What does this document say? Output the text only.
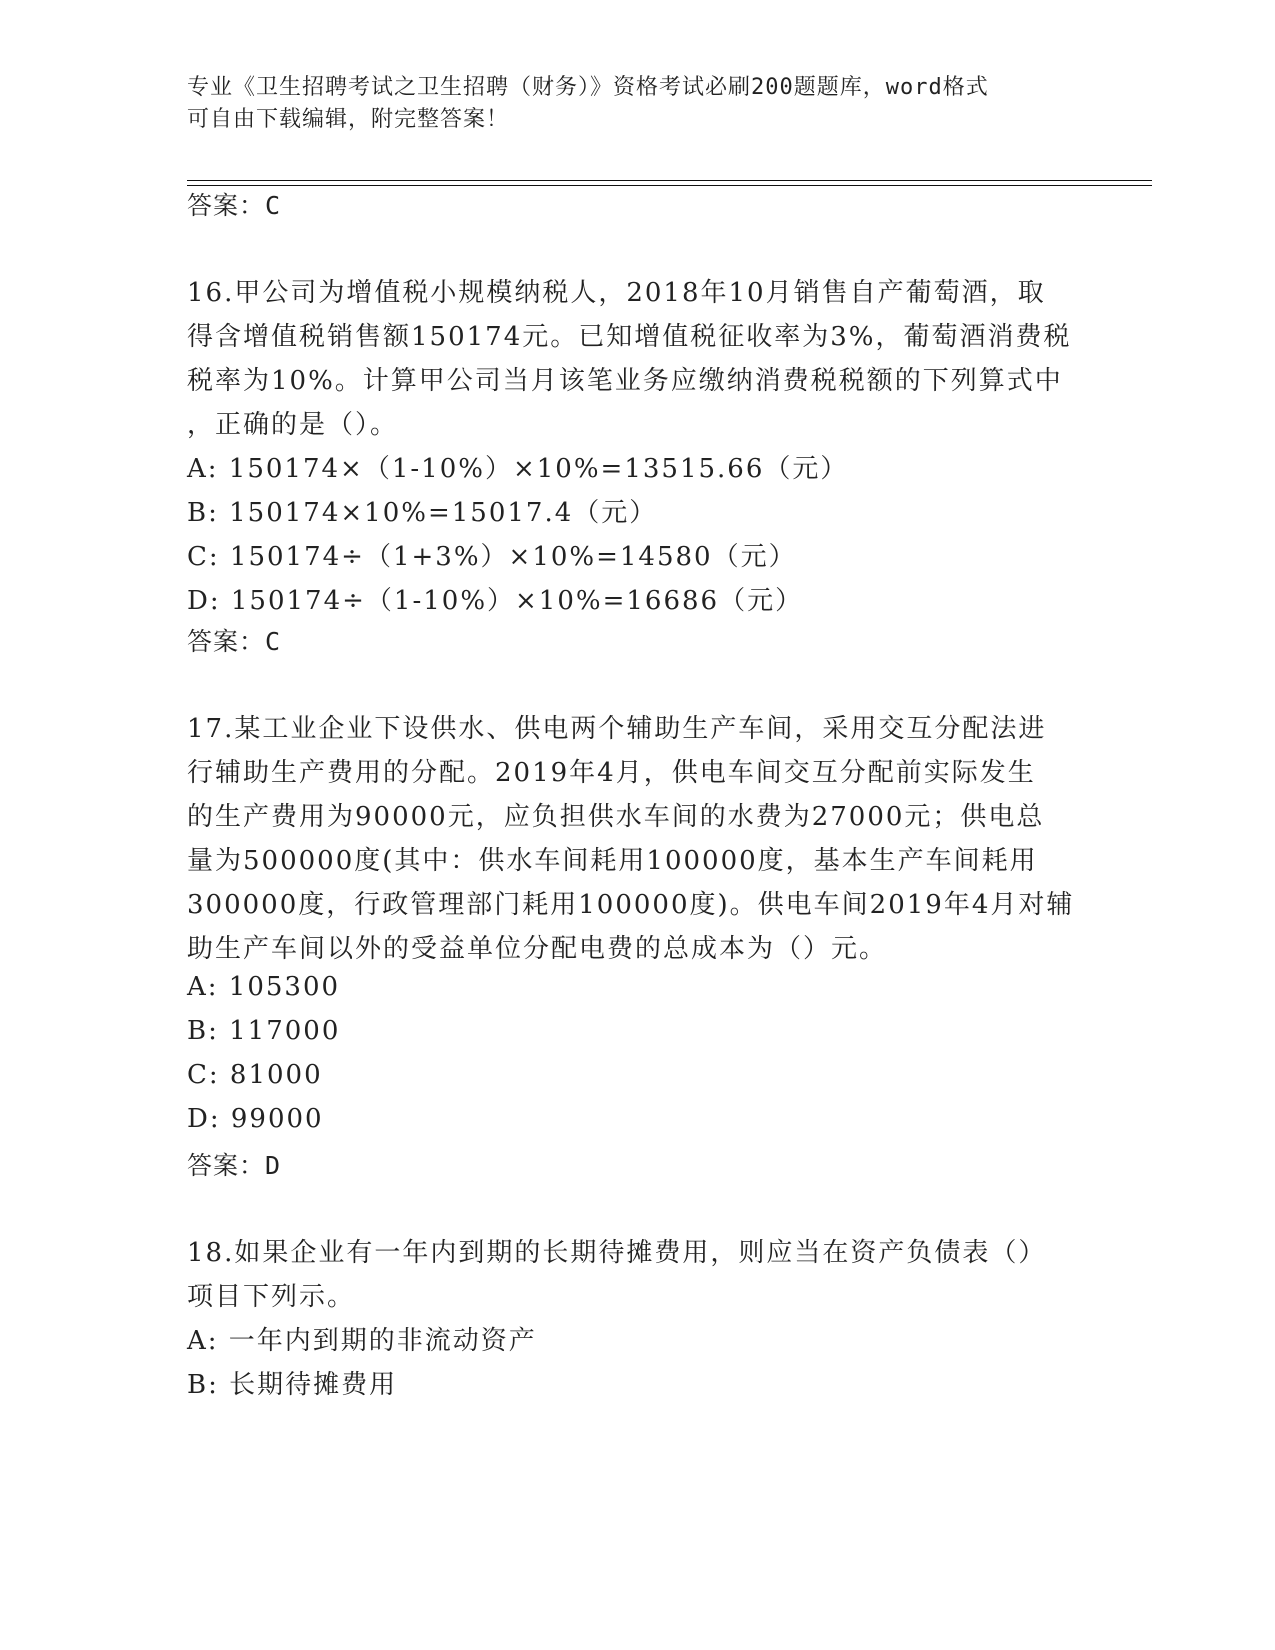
专业《卫生招聘考试之卫生招聘（财务）》资格考试必刷200题题库，word格式
可自由下载编辑，附完整答案！
答案：C
16.甲公司为增值税小规模纳税人，2018年10月销售自产葡萄酒，取
得含增值税销售额150174元。已知增值税征收率为3%，葡萄酒消费税
税率为10%。计算甲公司当月该笔业务应缴纳消费税税额的下列算式中
，正确的是（）。
A: 150174×（1-10%）×10%=13515.66（元）
B: 150174×10%=15017.4（元）
C: 150174÷（1+3%）×10%=14580（元）
D: 150174÷（1-10%）×10%=16686（元）
答案：C
17.某工业企业下设供水、供电两个辅助生产车间，采用交互分配法进
行辅助生产费用的分配。2019年4月，供电车间交互分配前实际发生
的生产费用为90000元，应负担供水车间的水费为27000元；供电总
量为500000度(其中：供水车间耗用100000度，基本生产车间耗用
300000度，行政管理部门耗用100000度)。供电车间2019年4月对辅
助生产车间以外的受益单位分配电费的总成本为（）元。
A: 105300
B: 117000
C: 81000
D: 99000
答案：D
18.如果企业有一年内到期的长期待摊费用，则应当在资产负债表（）
项目下列示。
A: 一年内到期的非流动资产
B: 长期待摊费用
